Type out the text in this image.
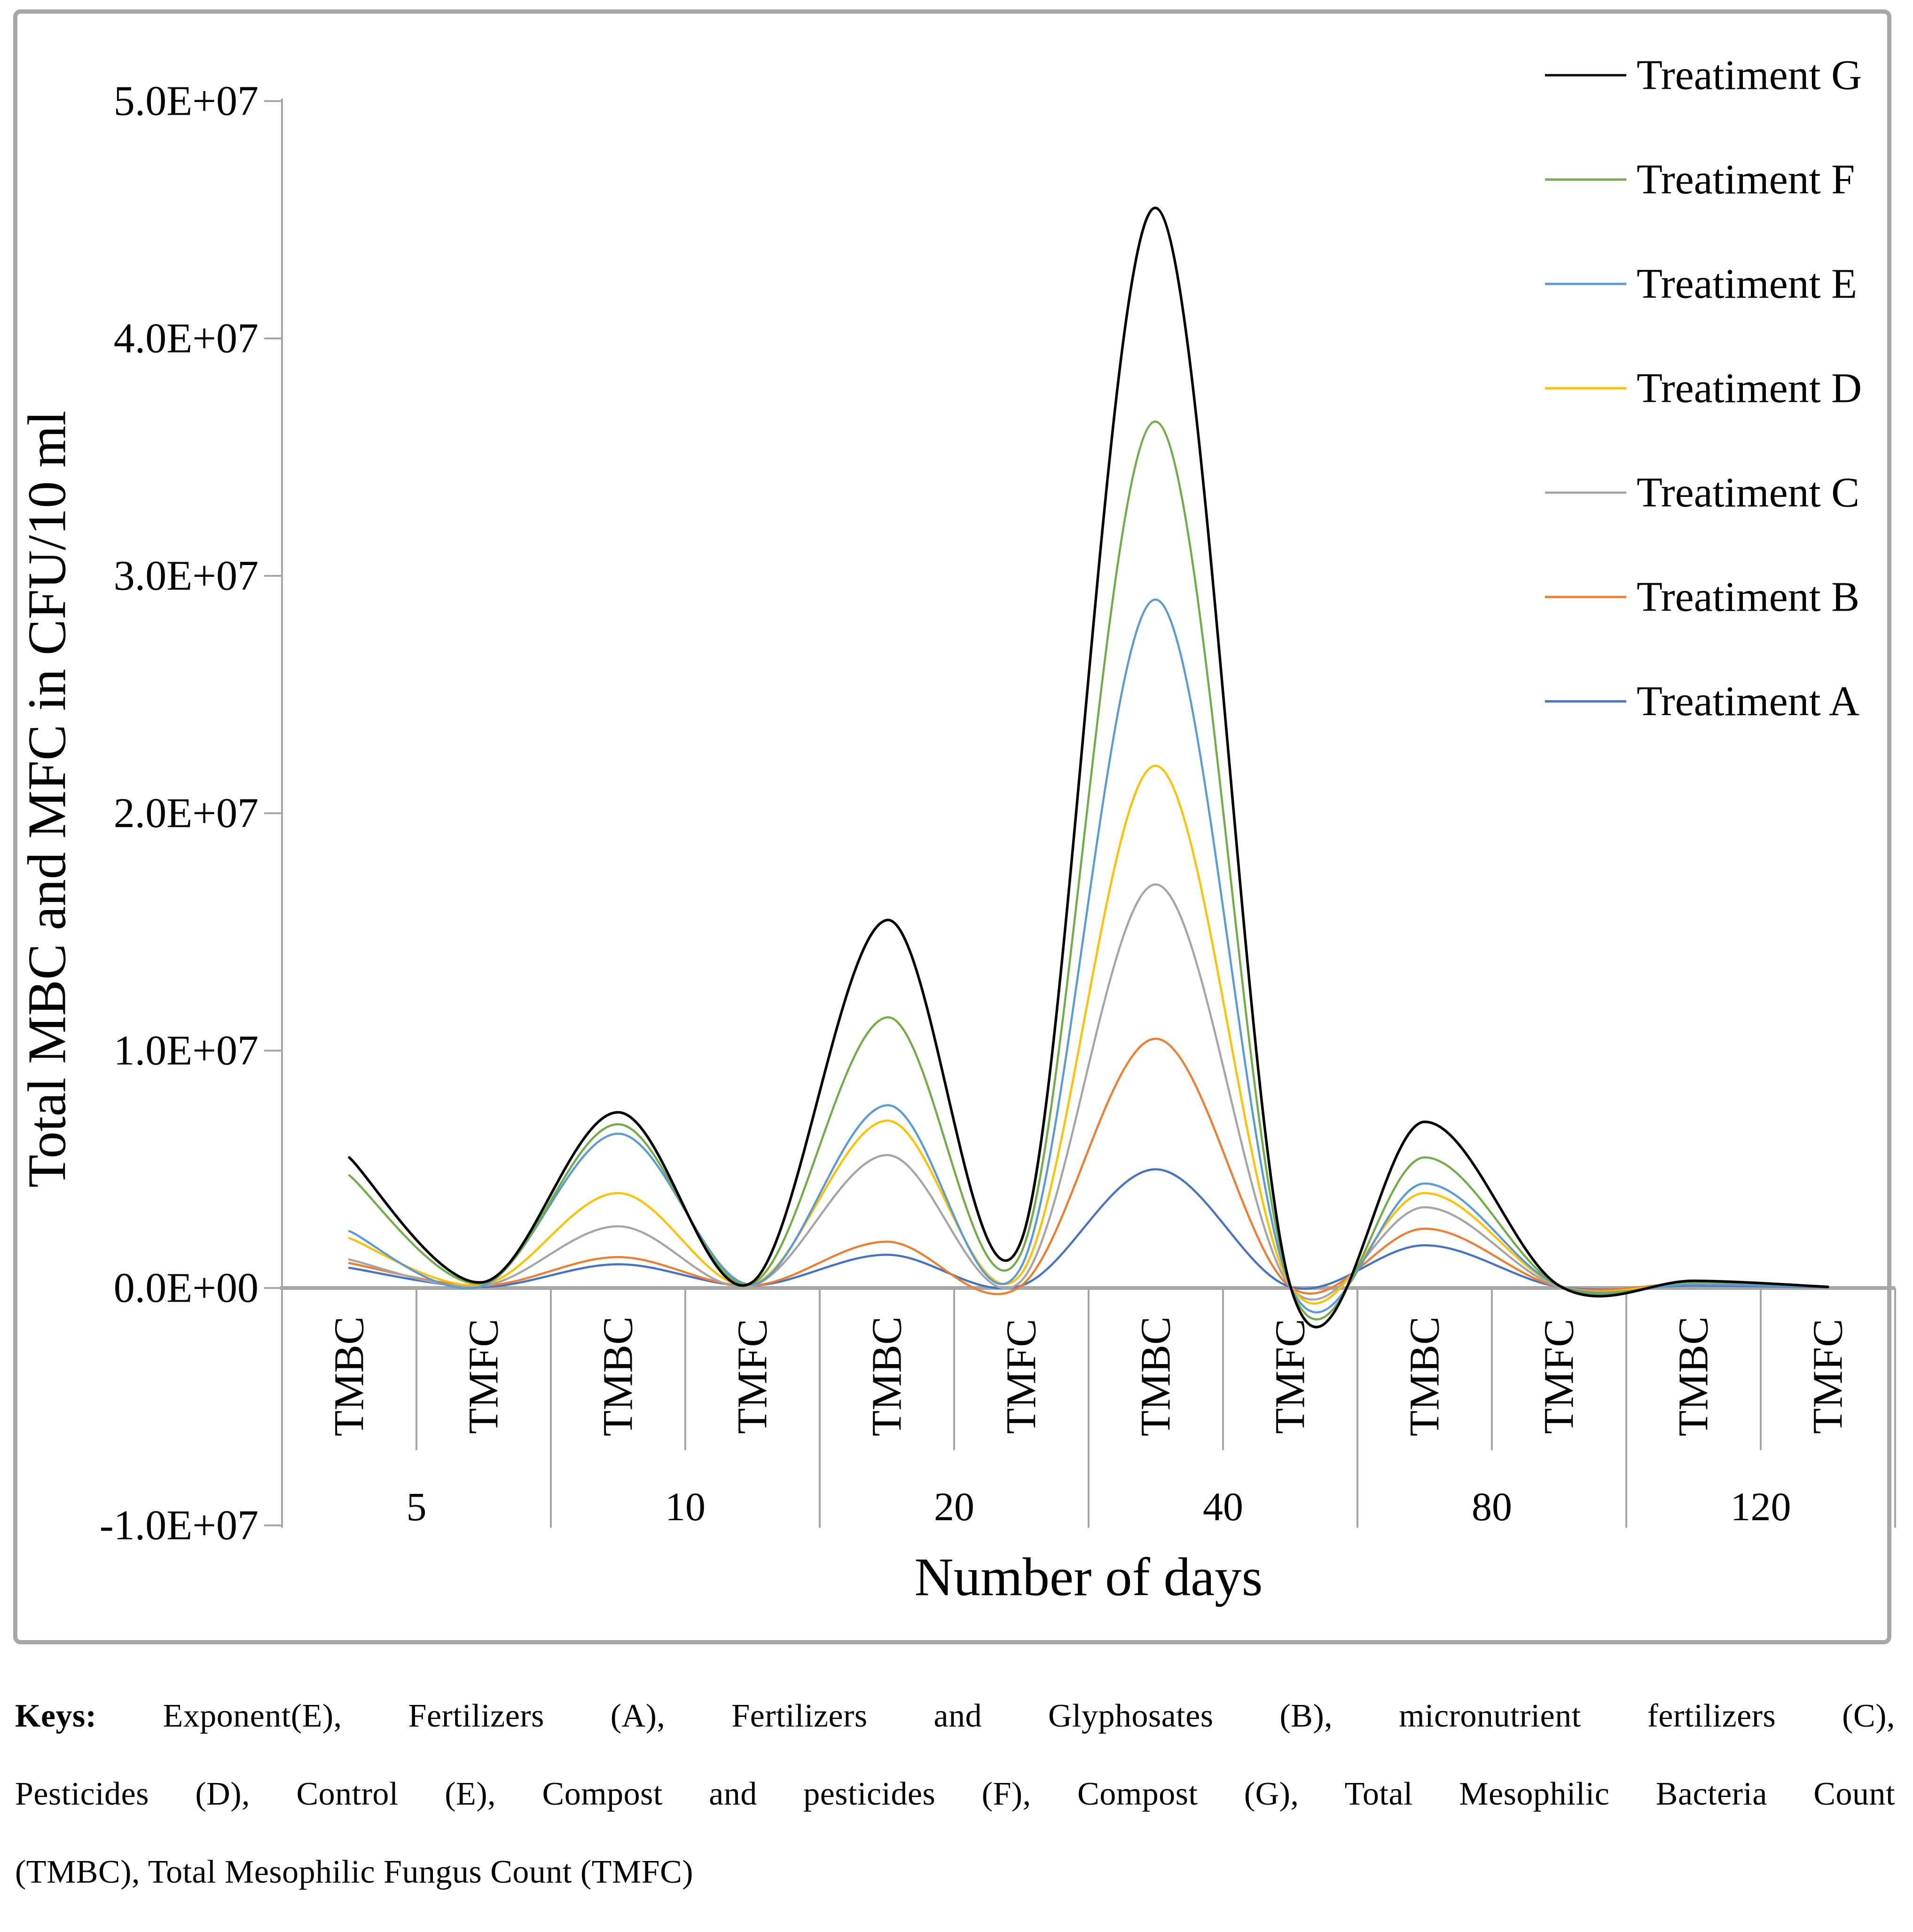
5.0E+07
4.0E+07
3.0E+07
2.0E+07
1.0E+07
0.0E+00
-1.0E+07
TMBC TMFC TMBC TMFC TMBC TMFC TMBC TMFC TMBC TMFC TMBC TMFC
5	10	20	40	80	120
Treatiment G
Treatiment F
Treatiment E
Treatiment D
Treatiment C
Treatiment B
Treatiment A
Total MBC and MFC in CFU/10 ml
Number of days
Keys: Exponent(E), Fertilizers (A), Fertilizers and Glyphosates (B), micronutrient fertilizers (C),
Pesticides (D), Control (E), Compost and pesticides (F), Compost (G), Total Mesophilic Bacteria Count
(TMBC), Total Mesophilic Fungus Count (TMFC)
